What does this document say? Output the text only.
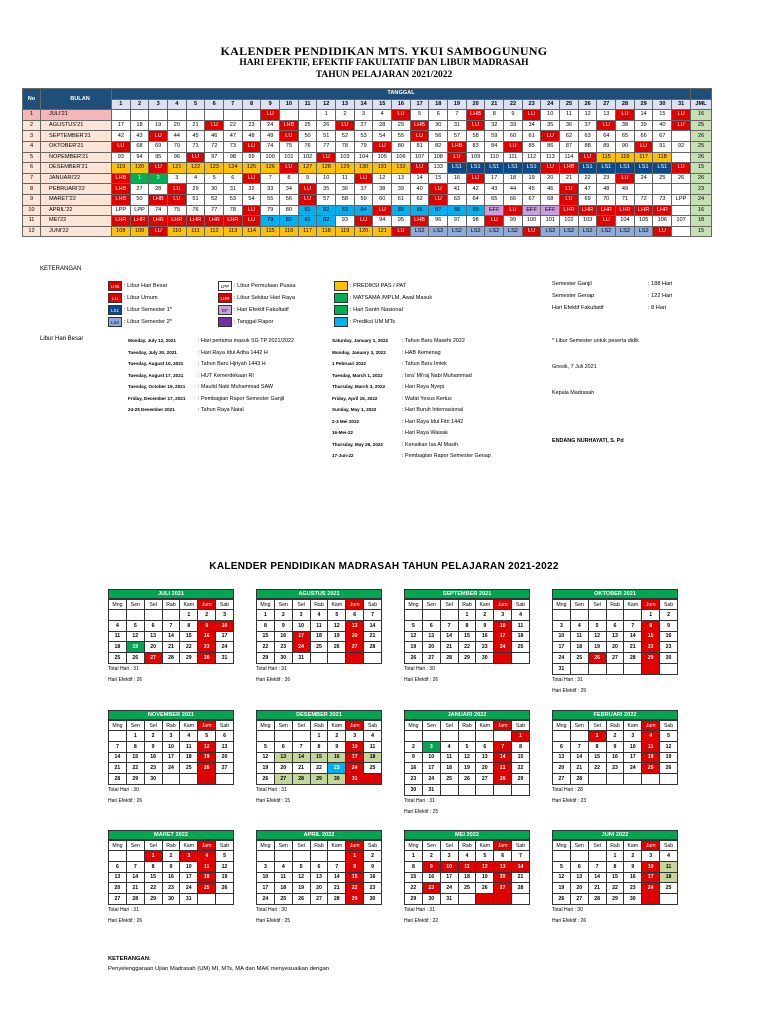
KALENDER PENDIDIKAN MTS. YKUI SAMBOGUNUNG
HARI EFEKTIF, EFEKTIF FAKULTATIF DAN LIBUR MADRASAH
TAHUN PELAJARAN 2021/2022
No	BULAN	TANGGAL																															
		1	2	3	4	5	6	7	8	9	10	11	12	13	14	15	16	17	18	19	20	21	22	23	24	25	26	27	28	29	30	31	JML
1	JULI'21									LU			1	2	3	4	LU	5	6	7	LHB	8	9	LU	10	11	12	13	LU	14	15	LU	16
2	AGUSTUS'21	17	18	19	20	21	LU	22	23	24	LHB	25	26	LU	27	28	29	LHB	30	31	LU	32	33	34	35	36	37	LU	38	39	40	LU	25
3	SEPTEMBER'21	42	43	LU	44	45	46	47	48	49	LU	50	51	52	53	54	55	LU	56	57	58	59	60	61	LU	62	63	64	65	66	67		26
4	OKTOBER'21	LU	68	69	70	71	72	73	LU	74	75	76	77	78	79	LU	80	81	82	LHB	83	84	LU	85	86	87	88	89	90	LU	91	92	25
5	NOPEMBER'21	93	94	95	96	LU	97	98	99	100	101	102	LU	103	104	105	106	107	108	LU	109	110	111	112	113	114	LU	115	116	117	118		26
6	DESEMBER'21	119	120	LU	121	122	123	124	125	126	LU	127	128	129	130	131	132	LU	133	LS1	LS1	LS1	LS1	LS1	LU	LHB	LS1	LS1	LS1	LS1	LS1	LU	15
7	JANUARI'22	LHB	1	2	3	4	5	6	LU	7	8	9	10	11	LU	12	13	14	15	16	LU	17	18	19	20	21	22	23	LU	24	25	26	26
8	PEBRUARI'22	LHB	27	28	LU	29	30	31	32	33	34	LU	35	36	37	38	39	40	LU	41	42	43	44	45	46	LU	47	48	49				23
9	MARET'22	LHB	50	LHB	LU	51	52	53	54	55	56	LU	57	58	59	60	61	62	LU	63	64	65	66	67	68	LU	69	70	71	72	73	LPP	24
10	APRIL'22	LPP	LPP	74	75	76	77	78	LU	79	80	81	82	83	84	LU	85	86	87	88	89	EFF	LU	EFF	EFF	LHR	LHR	LHR	LHR	LHR	LHR		16
11	MEI'22	LHR	LHR	LHR	LHR	LHR	LHR	LHR	LU	79	80	81	82	93	LU	94	95	LHB	96	97	98	LU	99	100	101	102	103	LU	104	105	106	107	18
12	JUNI'22	108	109	LU	110	111	112	113	114	115	116	117	118	119	120	121	LU	LS2	LS2	LS2	LS2	LS2	LS2	LU	LS2	LS2	LS2	LS2	LS2	LS2	LU		15
KETERANGAN
LHB : Libur Hari Besar
LU	: Libur Umum
LS1 : Libur Semester 1*
LS2 : Libur Semester 2*
LPP : Libur Permulaan Puasa
LHR : Libur Sekitar Hari Raya
EF	: Hari Efektif Fakultatif
: Tanggal Rapor
: PREDIKSI PAS / PAT
: MATSAMA /MPLM, Awal Masuk
: Hari Santri Nasional
: Prediksi UM MTs
Semester Ganjil	: 188 Hari
Semester Genap	: 122 Hari
Hari Efektif Fakultatif	: 8 Hari
Libur Hari Besar	Monday, July 12, 2021	: Hari pertama masuk SG TP 2021/2022
Tuesday, July 20, 2021	: Hari Raya Idul Adha 1442 H
Tuesday, August 10, 2021	: Tahun Baru Hjriyah 1443 H
Tuesday, August 17, 2021	: HUT Kemerdekaan RI
Tuesday, October 19, 2021 : Maulid Nabi Muhammad SAW
Friday, December 17, 2021 : Pembagian Rapor Semester Ganjil
24-25 Desember 2021	: Tahun Raya Natal
Saturday, January 1, 2022	: Tahun Baru Masehi 2022
Monday, January 3, 2022	: HAB Kemenag
1 Pebruari 2022	: Tahun Baru Imlek
Tuesday, March 1, 2022	: Isra' Mi'raj Nabi Muhammad
Thursday, March 3, 2022	: Hari Raya Nyepi
Friday, April 15, 2022	: Wafat Yesus Kertus
Sunday, May 1, 2022	: Hari Buruh Internasional
2-3 Mei 2022	: Hari Raya Idul Fitri 1442
16-Mei-22	: Hari Raya Waisak
Thursday, May 26, 2022	: Kenaikan Isa Al Masih
17-Jun-22	: Pembagian Rapor Semester Genap
* Libur Semester untuk peserta didik
Gresik, 7 Juli 2021
Kepala Madrasah
ENDANG NURHAYATI, S. Pd
KALENDER PENDIDIKAN MADRASAH TAHUN PELAJARAN 2021-2022
JULI 2021
Mng	Sen	Sel	Rab	Kam	Jum	Sab
				1	2	3
4	5	6	7	8	9	10
11	12	13	14	15	16	17
18	19	20	21	22	23	24
25	26	27	28	29	30	31
Total Hari : 31
Hari Efektif : 26
AGUSTUS 2021
Mng	Sen	Sel	Rab	Kam	Jum	Sab
1	2	3	4	5	6	7
8	9	10	11	12	13	14
15	16	17	18	19	20	21
22	23	24	25	26	27	28
29	30	31				
Total Hari : 31
Hari Efektif : 26
SEPTEMBER 2021
Mng	Sen	Sel	Rab	Kam	Jum	Sab
			1	2	3	4
5	6	7	8	9	10	11
12	13	14	15	16	17	18
19	20	21	22	23	24	25
26	27	28	29	30		
Total Hari : 30
Hari Efektif : 26
OKTOBER 2021
Mng	Sen	Sel	Rab	Kam	Jum	Sab
					1	2
3	4	5	6	7	8	9
10	11	12	13	14	15	16
17	18	19	20	21	22	23
24	25	26	27	28	29	30
31						
Total Hari : 31
Hari Efektif : 25
NOVEMBER 2021
Mng	Sen	Sel	Rab	Kam	Jum	Sab
	1	2	3	4	5	6
7	8	9	10	11	12	13
14	15	16	17	18	19	20
21	22	23	24	25	26	27
28	29	30				
Total Hari : 30
Hari Efektif : 26
DESEMBER 2021
Mng	Sen	Sel	Rab	Kam	Jum	Sab
			1	2	3	4
5	6	7	8	9	10	11
12	13	14	15	16	17	18
19	20	21	22	23	24	25
26	27	28	29	30	31	
Total Hari : 31
Hari Efektif : 15
JANUARI 2022
Mng	Sen	Sel	Rab	Kam	Jum	Sab
						1
2	3	4	5	6	7	8
9	10	11	12	13	14	15
16	17	18	19	20	21	22
23	24	25	26	27	28	29
30	31					
Total Hari : 31
Hari Efektif : 25
FEBRUARI 2022
Mng	Sen	Sel	Rab	Kam	Jum	Sab
		1	2	3	4	5
6	7	8	9	10	11	12
13	14	15	16	17	18	19
20	21	22	23	24	25	26
27	28					
Total Hari : 28
Hari Efektif : 23
MARET 2022
Mng	Sen	Sel	Rab	Kam	Jum	Sab
		1	2	3	4	5
6	7	8	9	10	11	12
13	14	15	16	17	18	19
20	21	22	23	24	25	26
27	28	29	30	31		
Total Hari : 31
Hari Efektif : 26
APRIL 2022
Mng	Sen	Sel	Rab	Kam	Jum	Sab
					1	2
3	4	5	6	7	8	9
10	11	12	13	14	15	16
17	18	19	20	21	22	23
24	25	26	27	28	29	30
Total Hari : 30
Hari Efektif : 25
MEI 2022
Mng	Sen	Sel	Rab	Kam	Jum	Sab
1	2	3	4	5	6	7
8	9	10	11	12	13	14
15	16	17	18	19	20	21
22	23	24	25	26	27	28
29	30	31				
Total Hari : 31
Hari Efektif : 22
JUNI 2022
Mng	Sen	Sel	Rab	Kam	Jum	Sab
			1	2	3	4
5	6	7	8	9	10	11
12	13	14	15	16	17	18
19	20	21	22	23	24	25
26	27	28	29	30		
Total Hari : 30
Hari Efektif : 26
KETERANGAN:
Penyelenggaraan Ujian Madrasah (UM) MI, MTs, MA dan MAK menyesuaikan dengan
